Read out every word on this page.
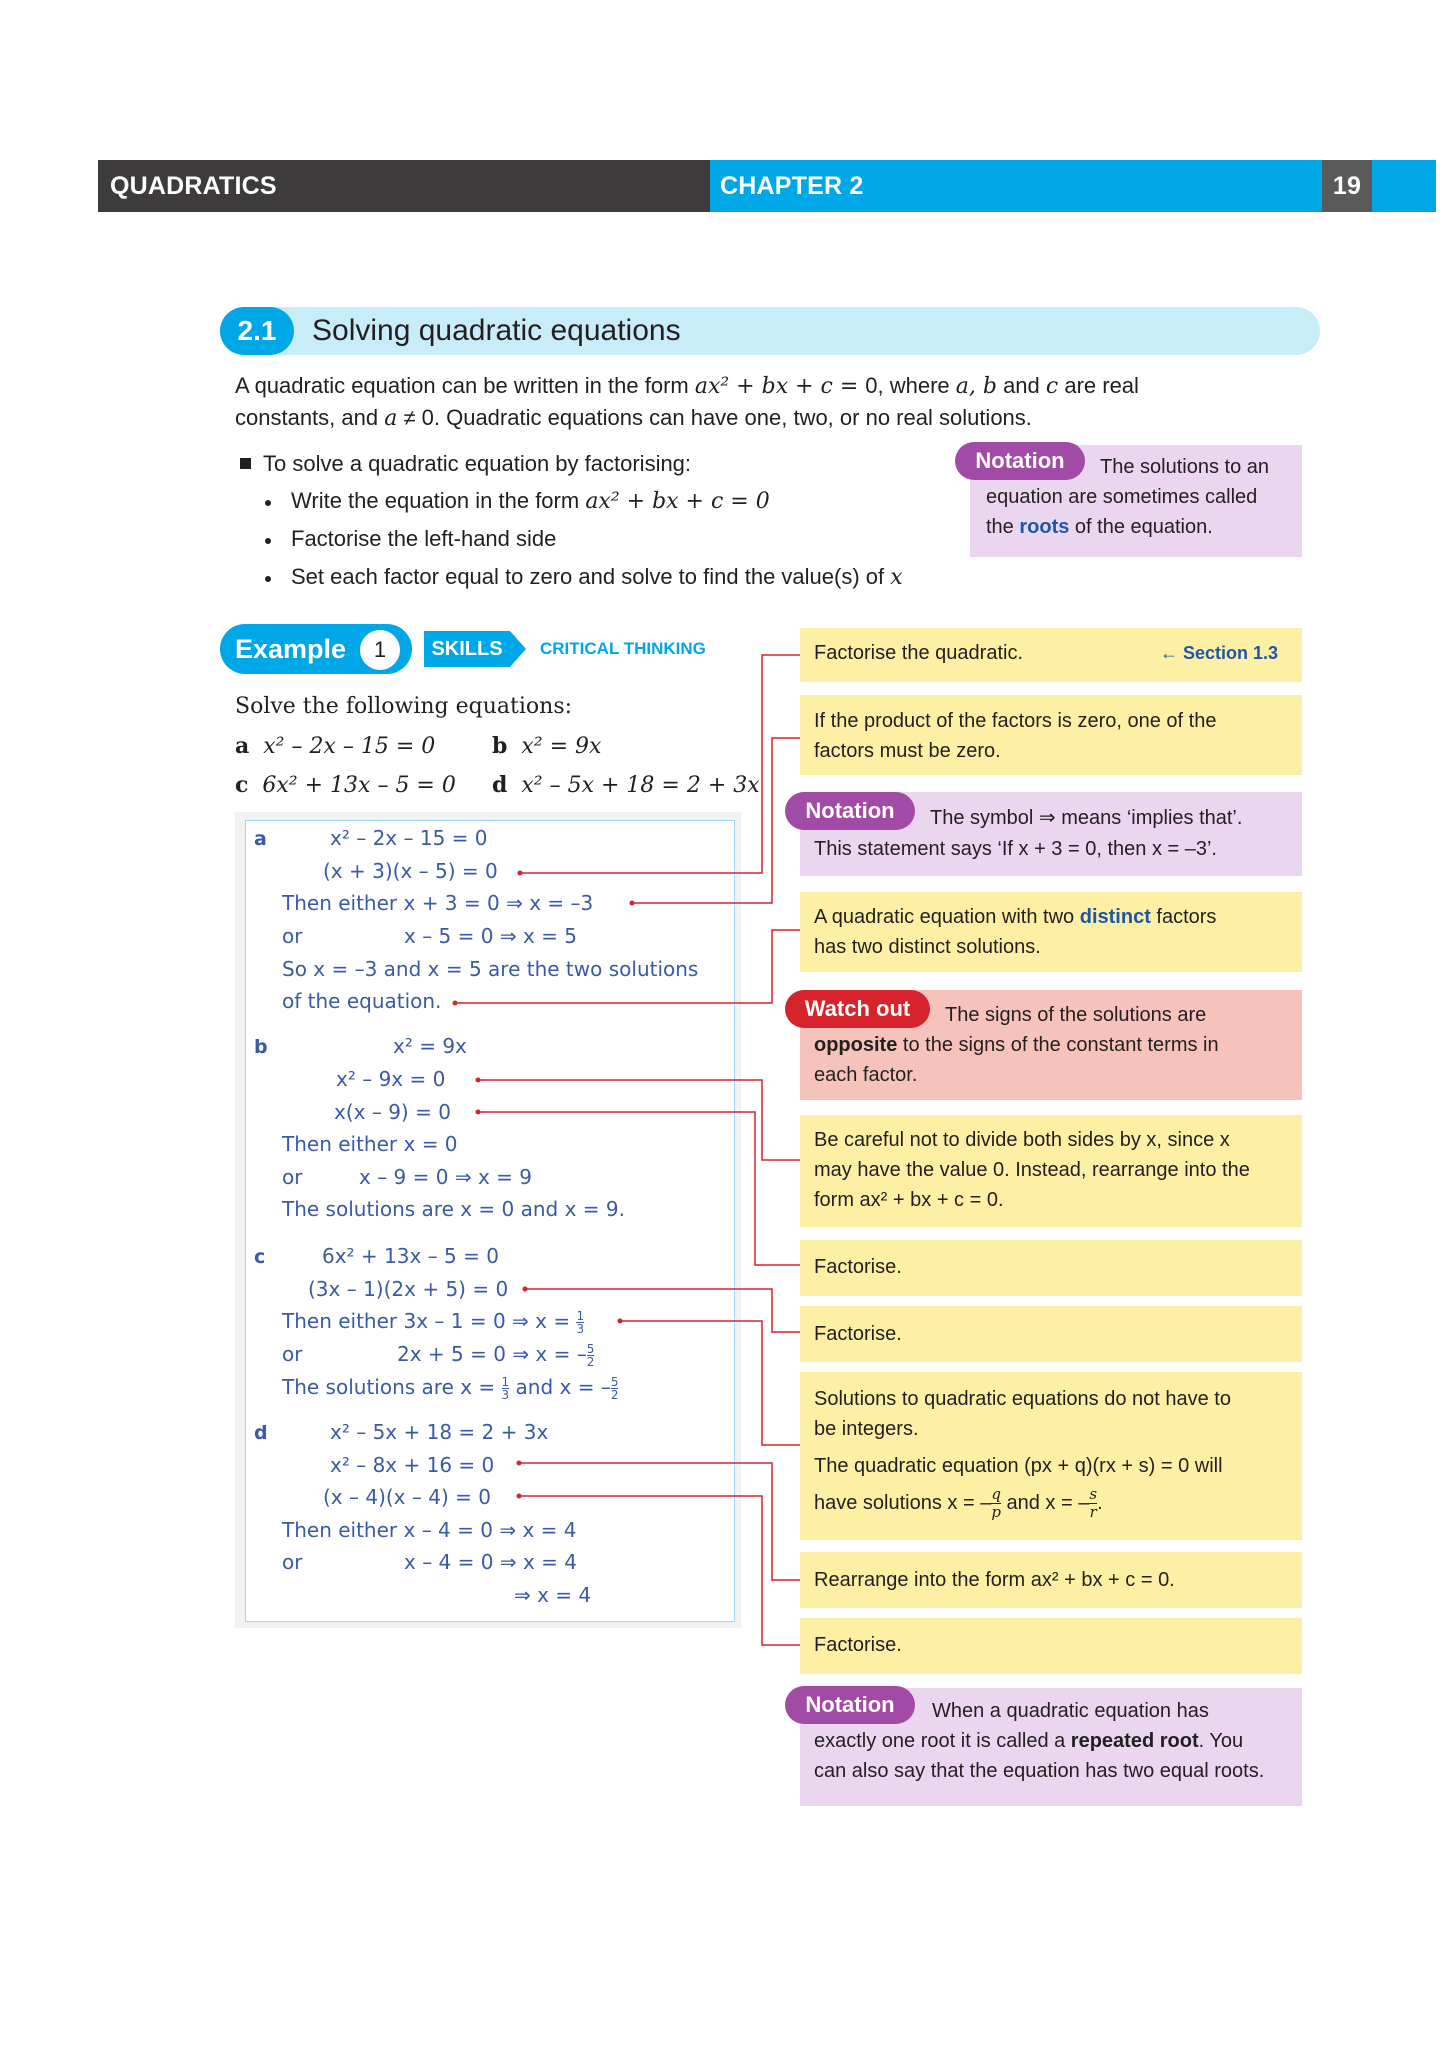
QUADRATICS	CHAPTER 2	19
2.1	Solving quadratic equations
A quadratic equation can be written in the form ax² + bx + c = 0, where a, b and c are real
constants, and a ≠ 0. Quadratic equations can have one, two, or no real solutions.
To solve a quadratic equation by factorising:
Write the equation in the form ax² + bx + c = 0
Factorise the left-hand side
Set each factor equal to zero and solve to find the value(s) of x
Notation	The solutions to an
equation are sometimes called
the roots of the equation.
Example	1	SKILLS	CRITICAL THINKING
Solve the following equations:
a x² – 2x – 15 = 0	b x² = 9x
c 6x² + 13x – 5 = 0 d x² – 5x + 18 = 2 + 3x
a	x² – 2x – 15 = 0
(x + 3)(x – 5) = 0
Then either x + 3 = 0 ⇒ x = –3
or	x – 5 = 0 ⇒ x = 5
So x = –3 and x = 5 are the two solutions
of the equation.
b	x² = 9x
x² – 9x = 0
x(x – 9) = 0
Then either x = 0
or	x – 9 = 0 ⇒ x = 9
The solutions are x = 0 and x = 9.
c	6x² + 13x – 5 = 0
(3x – 1)(2x + 5) = 0
Then either 3x – 1 = 0 ⇒ $x = \frac{1}{3}$
or	2x + 5 = 0 ⇒ x = – $\frac{5}{2}$
The solutions are $x = \frac{1}{3}$ and x = – $\frac{5}{2}$
d	x² – 5x + 18 = 2 + 3x
x² – 8x + 16 = 0
(x – 4)(x – 4) = 0
Then either x – 4 = 0 ⇒ x = 4
or	x – 4 = 0 ⇒ x = 4
⇒ x = 4
Factorise the quadratic.	← Section 1.3
If the product of the factors is zero, one of the
factors must be zero.
Notation	The symbol ⇒ means ‘implies that’.
This statement says ‘If x + 3 = 0, then x = –3’.
A quadratic equation with two distinct factors
has two distinct solutions.
Watch out	The signs of the solutions are
opposite to the signs of the constant terms in
each factor.
Be careful not to divide both sides by x, since x
may have the value 0. Instead, rearrange into the
form ax² + bx + c = 0.
Factorise.
Factorise.
Solutions to quadratic equations do not have to
be integers.
The quadratic equation (px + q)(rx + s) = 0 will
have solutions x = – $\frac{q}{p}$ and x = – $\frac{s}{r}$ .
Rearrange into the form ax² + bx + c = 0.
Factorise.
Notation	When a quadratic equation has
exactly one root it is called a repeated root. You
can also say that the equation has two equal roots.
